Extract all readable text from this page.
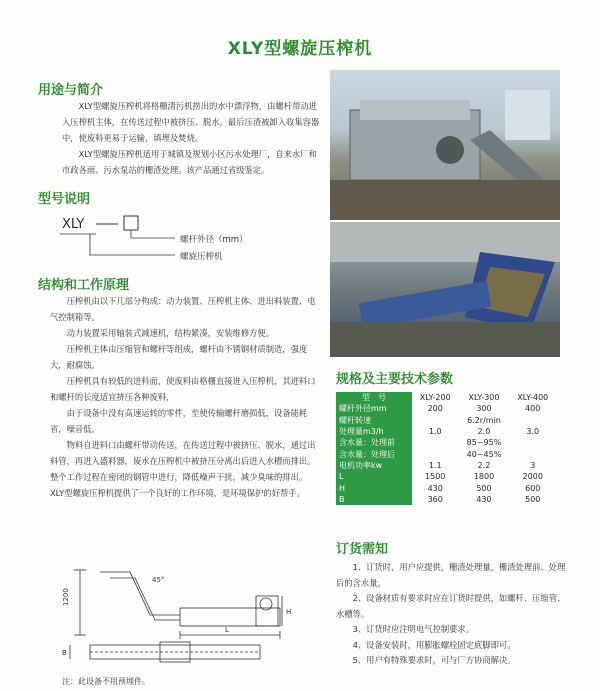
XLY型螺旋压榨机
用途与简介

XLY型螺旋压榨机将格栅清污机捞出的水中漂浮物，由螺杆带动进入压榨机主体，在传送过程中被挤压、脱水，最后压渣被卸入收集容器中，使废料更易于运输，填埋及焚烧。

XLY型螺旋压榨机适用于城镇及规划小区污水处理厂，自来水厂和市政各雨、污水泵站的栅渣处理。该产品通过省级鉴定。

型号说明
XLY
螺杆外径（mm）
螺旋压榨机
结构和工作原理

压榨机由以下几部分构成：动力装置、压榨机主体、进出料装置、电气控制箱等。

动力装置采用轴装式减速机，结构紧凑，安装维修方便。

压榨机主体由压缩管和螺杆等组成，螺杆由不锈钢材质制造，强度大，耐腐蚀。

压榨机具有较低的进料面，使废料由格栅直接进入压榨机，其进料口和螺杆的长度适宜挤压各种废料，

由于设备中没有高速运转的零件，至使传输螺杆磨损低，设备能耗省，噪音低。

物料自进料口由螺杆带动传送，在传送过程中被挤压、脱水，通过出料管，再进入盛料器，废水在压榨机中被挤压分离出后进入水槽而排出。整个工作过程在密闭的钢管中进行，降低噪声干扰，减少臭味的排出。XLY型螺旋压榨机提供了一个良好的工作环境，是环境保护的好帮手。

规格及主要技术参数
型　号	XLY-200	XLY-300	XLY-400
螺杆外径mm	200	300	400
螺杆转速		6.2r/min	
处理量m3/h	1.0	2.0	3.0
含水量：处理前		85~95%	
含水量：处理后		40~45%	
电机功率kw	1.1	2.2	3
L	1500	1800	2000
H	430	500	600
B	360	430	500
订货需知

1、订货时，用户应提供，栅渣处理量，栅渣处理前、处理后的含水量。

2、设备材质有要求时应在订货时提供，如螺杆、压缩管、水槽等。

3、订货时应注明电气控制要求。

4、设备安装时，用膨胀螺栓固定底脚即可。

5、用户有特殊要求时，可与厂方协商解决。

1200
45°
L
H
B
注：此设备不用预埋件。
